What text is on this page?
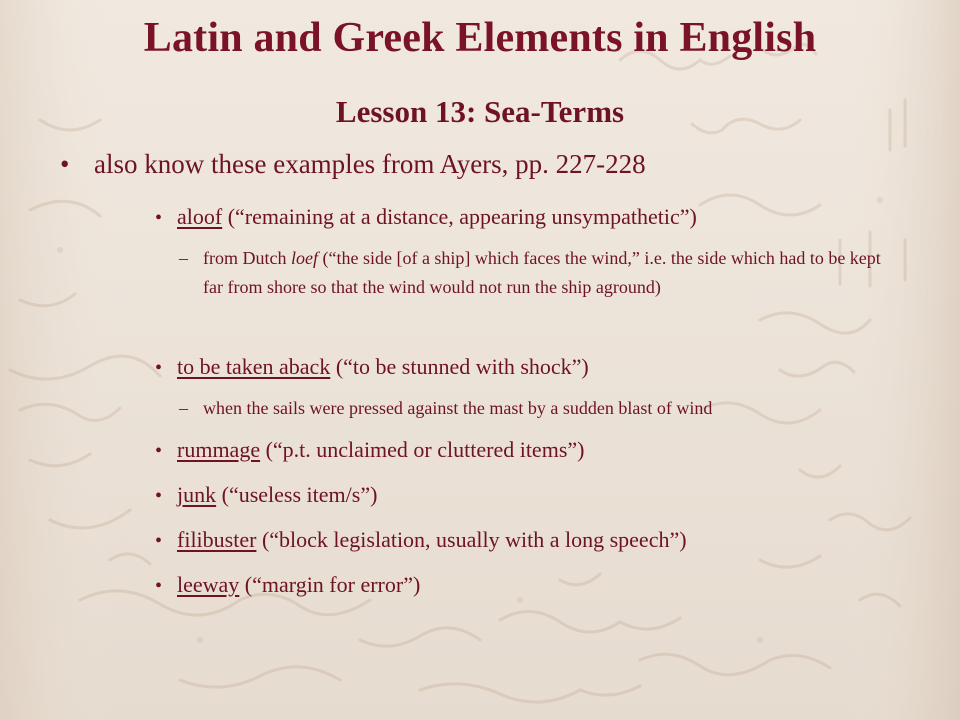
Latin and Greek Elements in English
Lesson 13: Sea-Terms
• also know these examples from Ayers, pp. 227-228
• aloof (“remaining at a distance, appearing unsympathetic”)
– from Dutch loef (“the side [of a ship] which faces the wind,” i.e. the side which had to be kept far from shore so that the wind would not run the ship aground)
• to be taken aback (“to be stunned with shock”)
– when the sails were pressed against the mast by a sudden blast of wind
• rummage (“p.t. unclaimed or cluttered items”)
• junk (“useless item/s”)
• filibuster (“block legislation, usually with a long speech”)
• leeway (“margin for error”)
